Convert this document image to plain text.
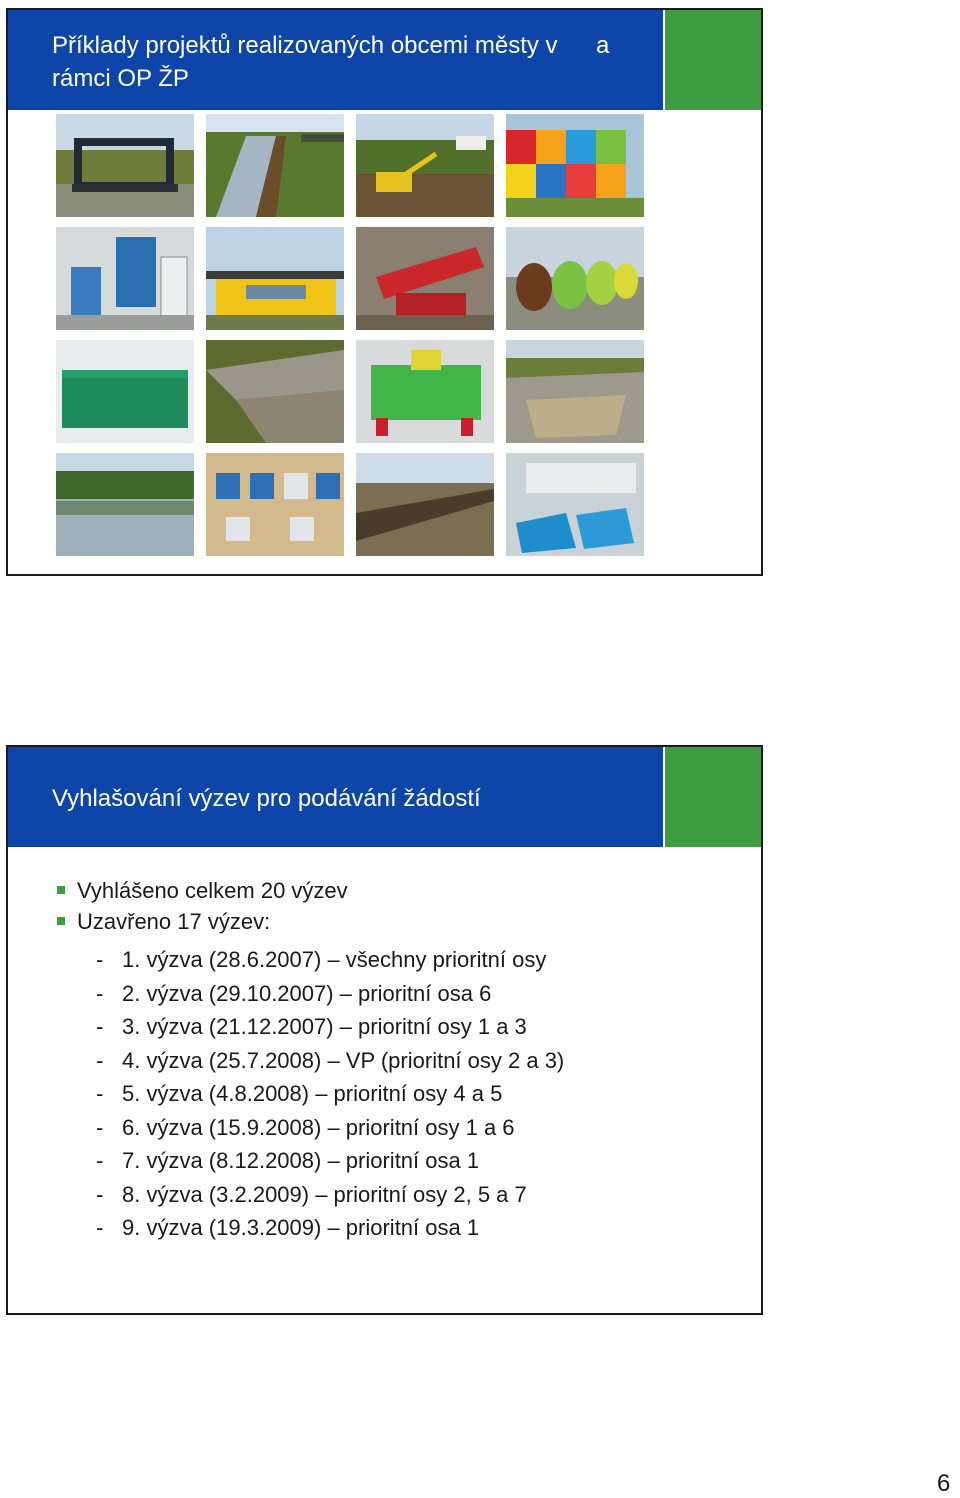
Příklady projektů realizovaných obcemi městy v rámci OP ŽP
a
Vyhlašování výzev pro podávání žádostí
Vyhlášeno celkem 20 výzev
Uzavřeno 17 výzev:
- 1. výzva (28.6.2007) – všechny prioritní osy
- 2. výzva (29.10.2007) – prioritní osa 6
- 3. výzva (21.12.2007) – prioritní osy 1 a 3
- 4. výzva (25.7.2008) – VP (prioritní osy 2 a 3)
- 5. výzva (4.8.2008) – prioritní osy 4 a 5
- 6. výzva (15.9.2008) – prioritní osy 1 a 6
- 7. výzva (8.12.2008) – prioritní osa 1
- 8. výzva (3.2.2009) – prioritní osy 2, 5 a 7
- 9. výzva (19.3.2009) – prioritní osa 1
6
